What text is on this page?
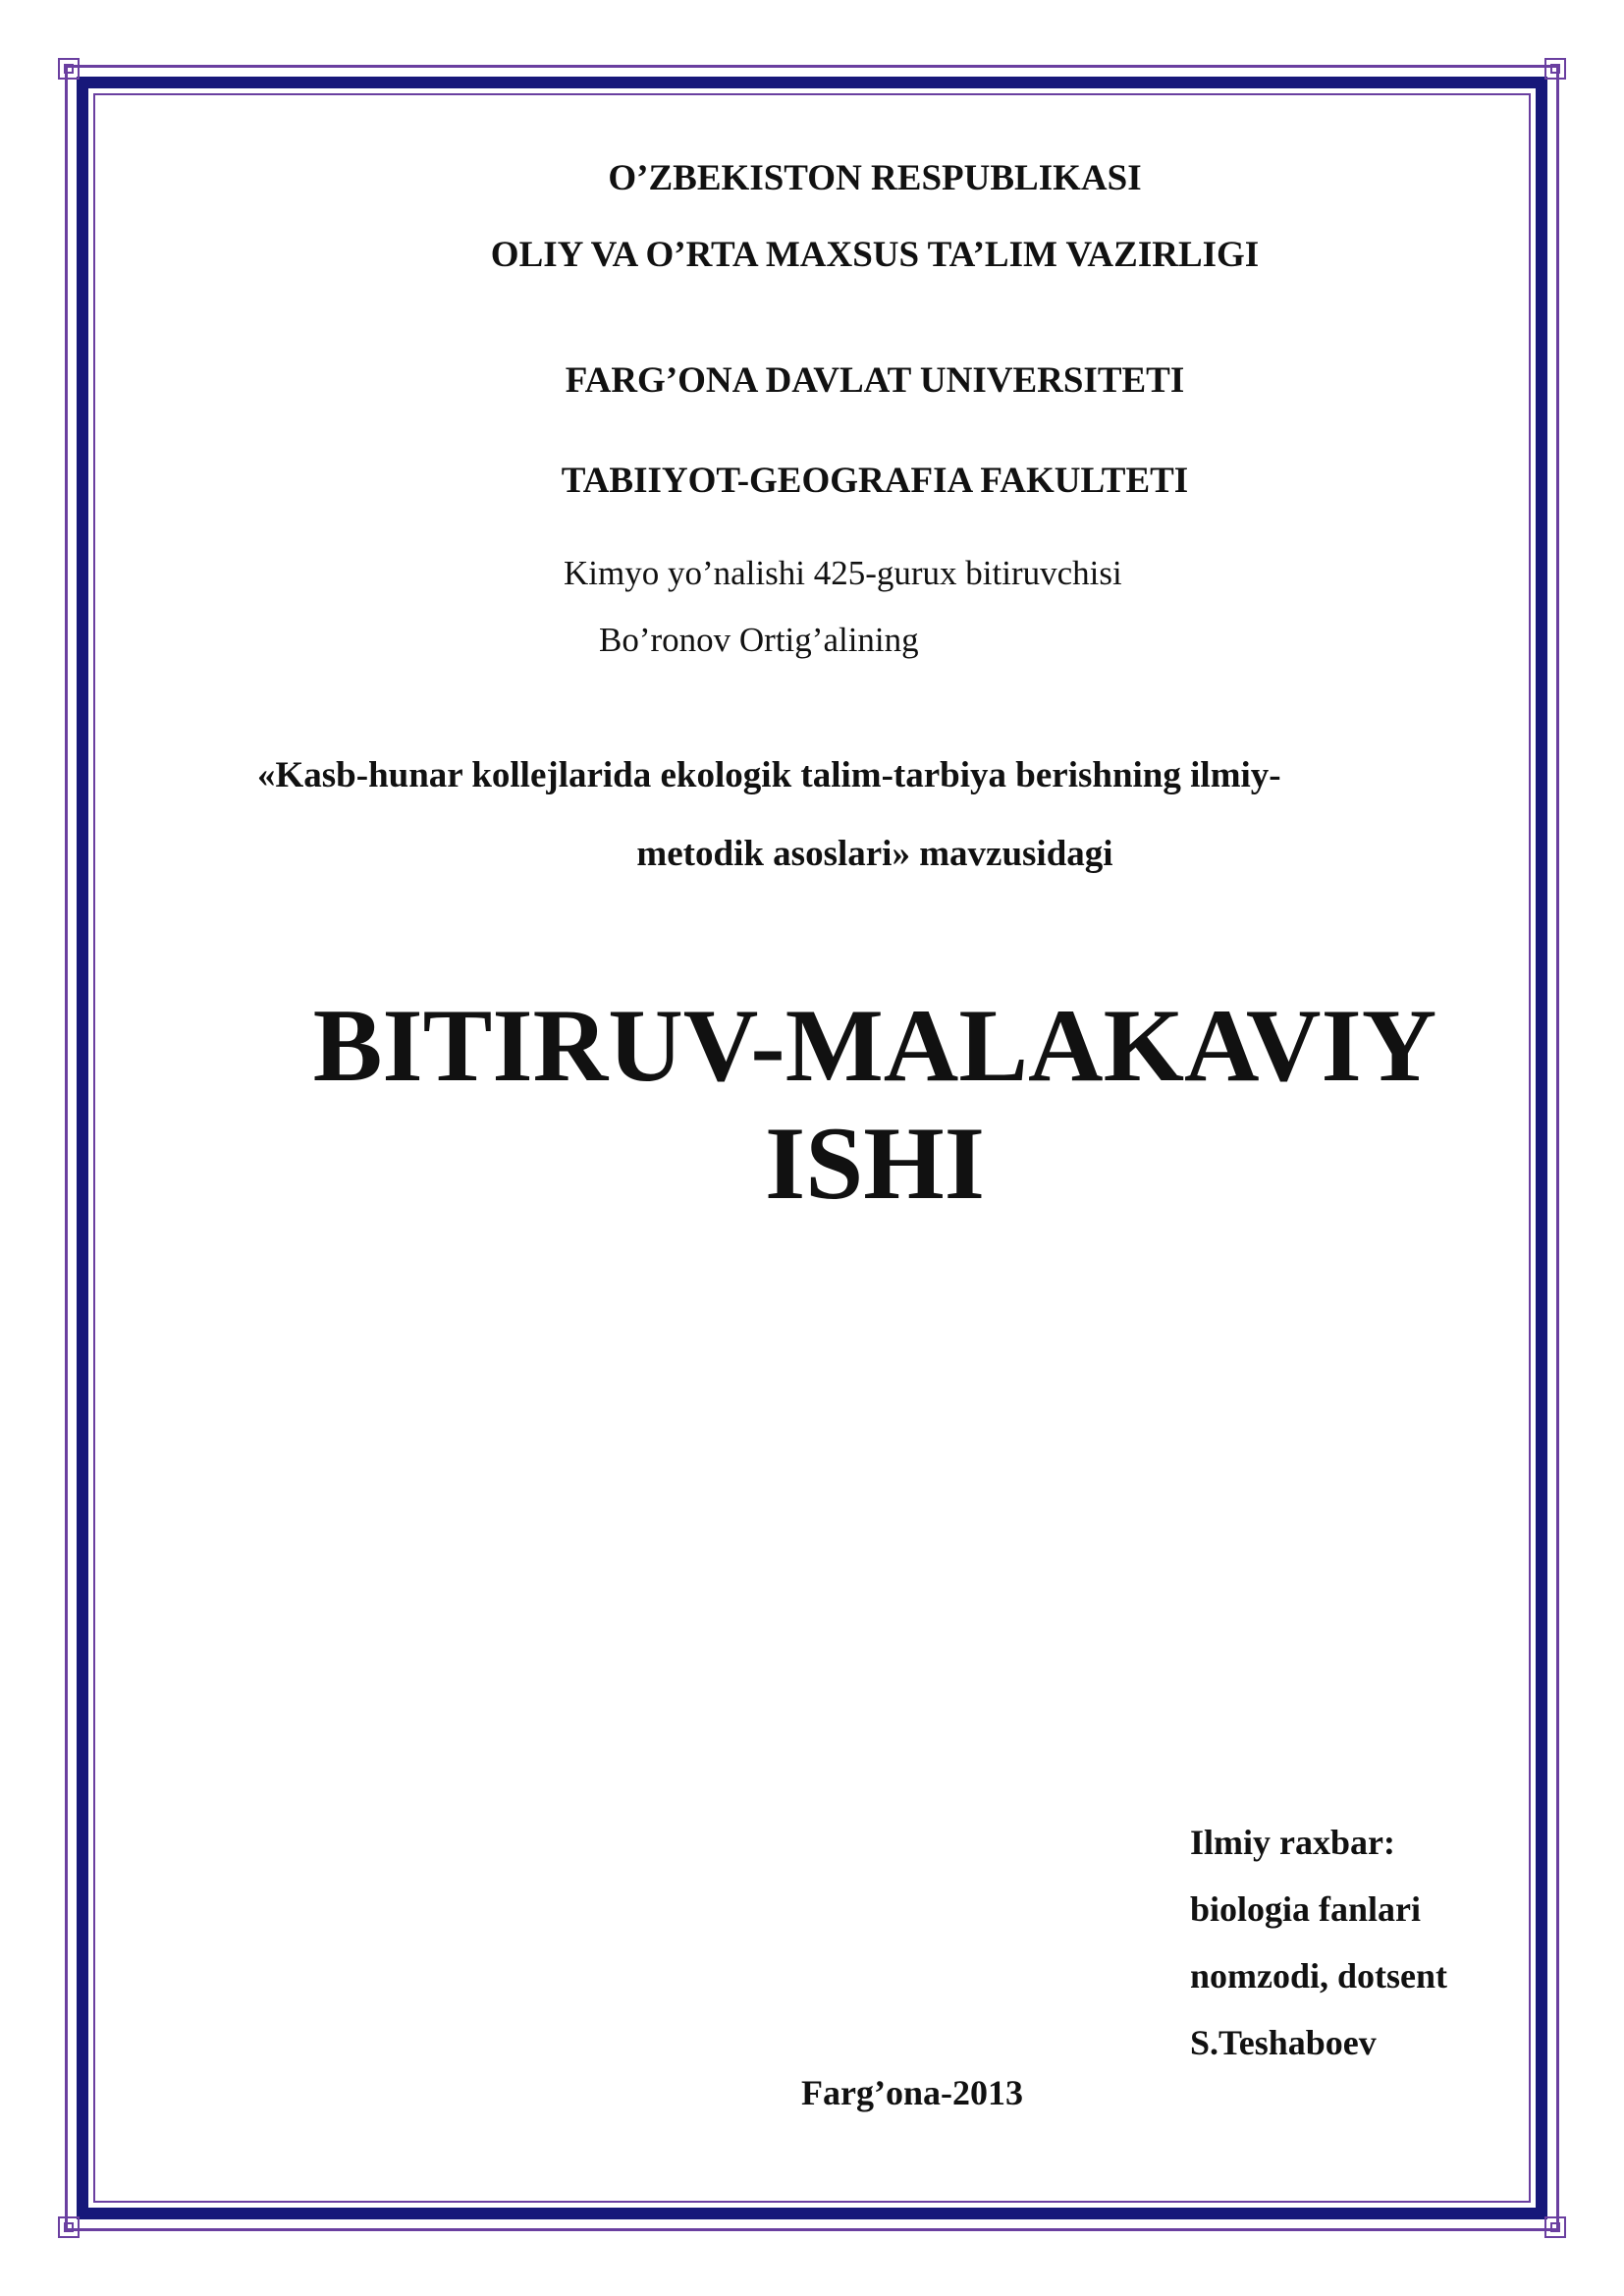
O’ZBEKISTON RESPUBLIKASI
OLIY VA O’RTA MAXSUS TA’LIM VAZIRLIGI
FARG’ONA DAVLAT UNIVERSITETI
TABIIYOT-GEOGRAFIA FAKULTETI
Kimyo yo’nalishi 425-gurux bitiruvchisi
Bo’ronov Ortig’alining
«Kasb-hunar kollejlarida ekologik talim-tarbiya berishning ilmiy-
metodik asoslari» mavzusidagi
BITIRUV-MALAKAVIY
ISHI
Ilmiy raxbar:
biologia fanlari
nomzodi, dotsent
S.Teshaboev
Farg’ona-2013
